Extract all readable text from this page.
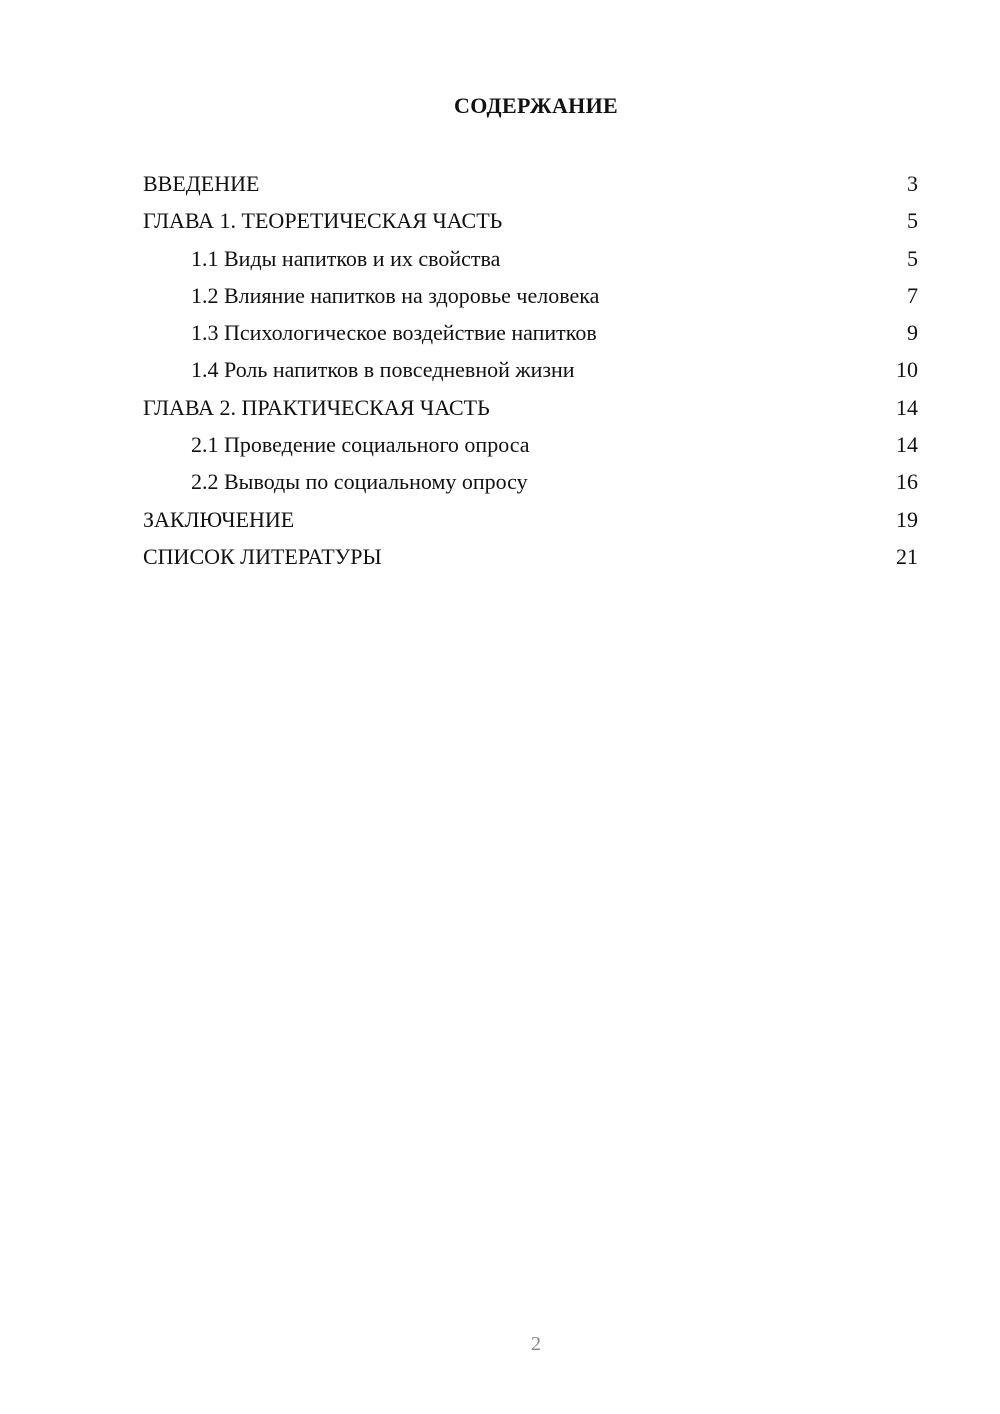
СОДЕРЖАНИЕ
ВВЕДЕНИЕ	3
ГЛАВА 1. ТЕОРЕТИЧЕСКАЯ ЧАСТЬ	5
1.1 Виды напитков и их свойства	5
1.2 Влияние напитков на здоровье человека	7
1.3 Психологическое воздействие напитков	9
1.4 Роль напитков в повседневной жизни	10
ГЛАВА 2. ПРАКТИЧЕСКАЯ ЧАСТЬ	14
2.1 Проведение социального опроса	14
2.2 Выводы по социальному опросу	16
ЗАКЛЮЧЕНИЕ	19
СПИСОК ЛИТЕРАТУРЫ	21
2
